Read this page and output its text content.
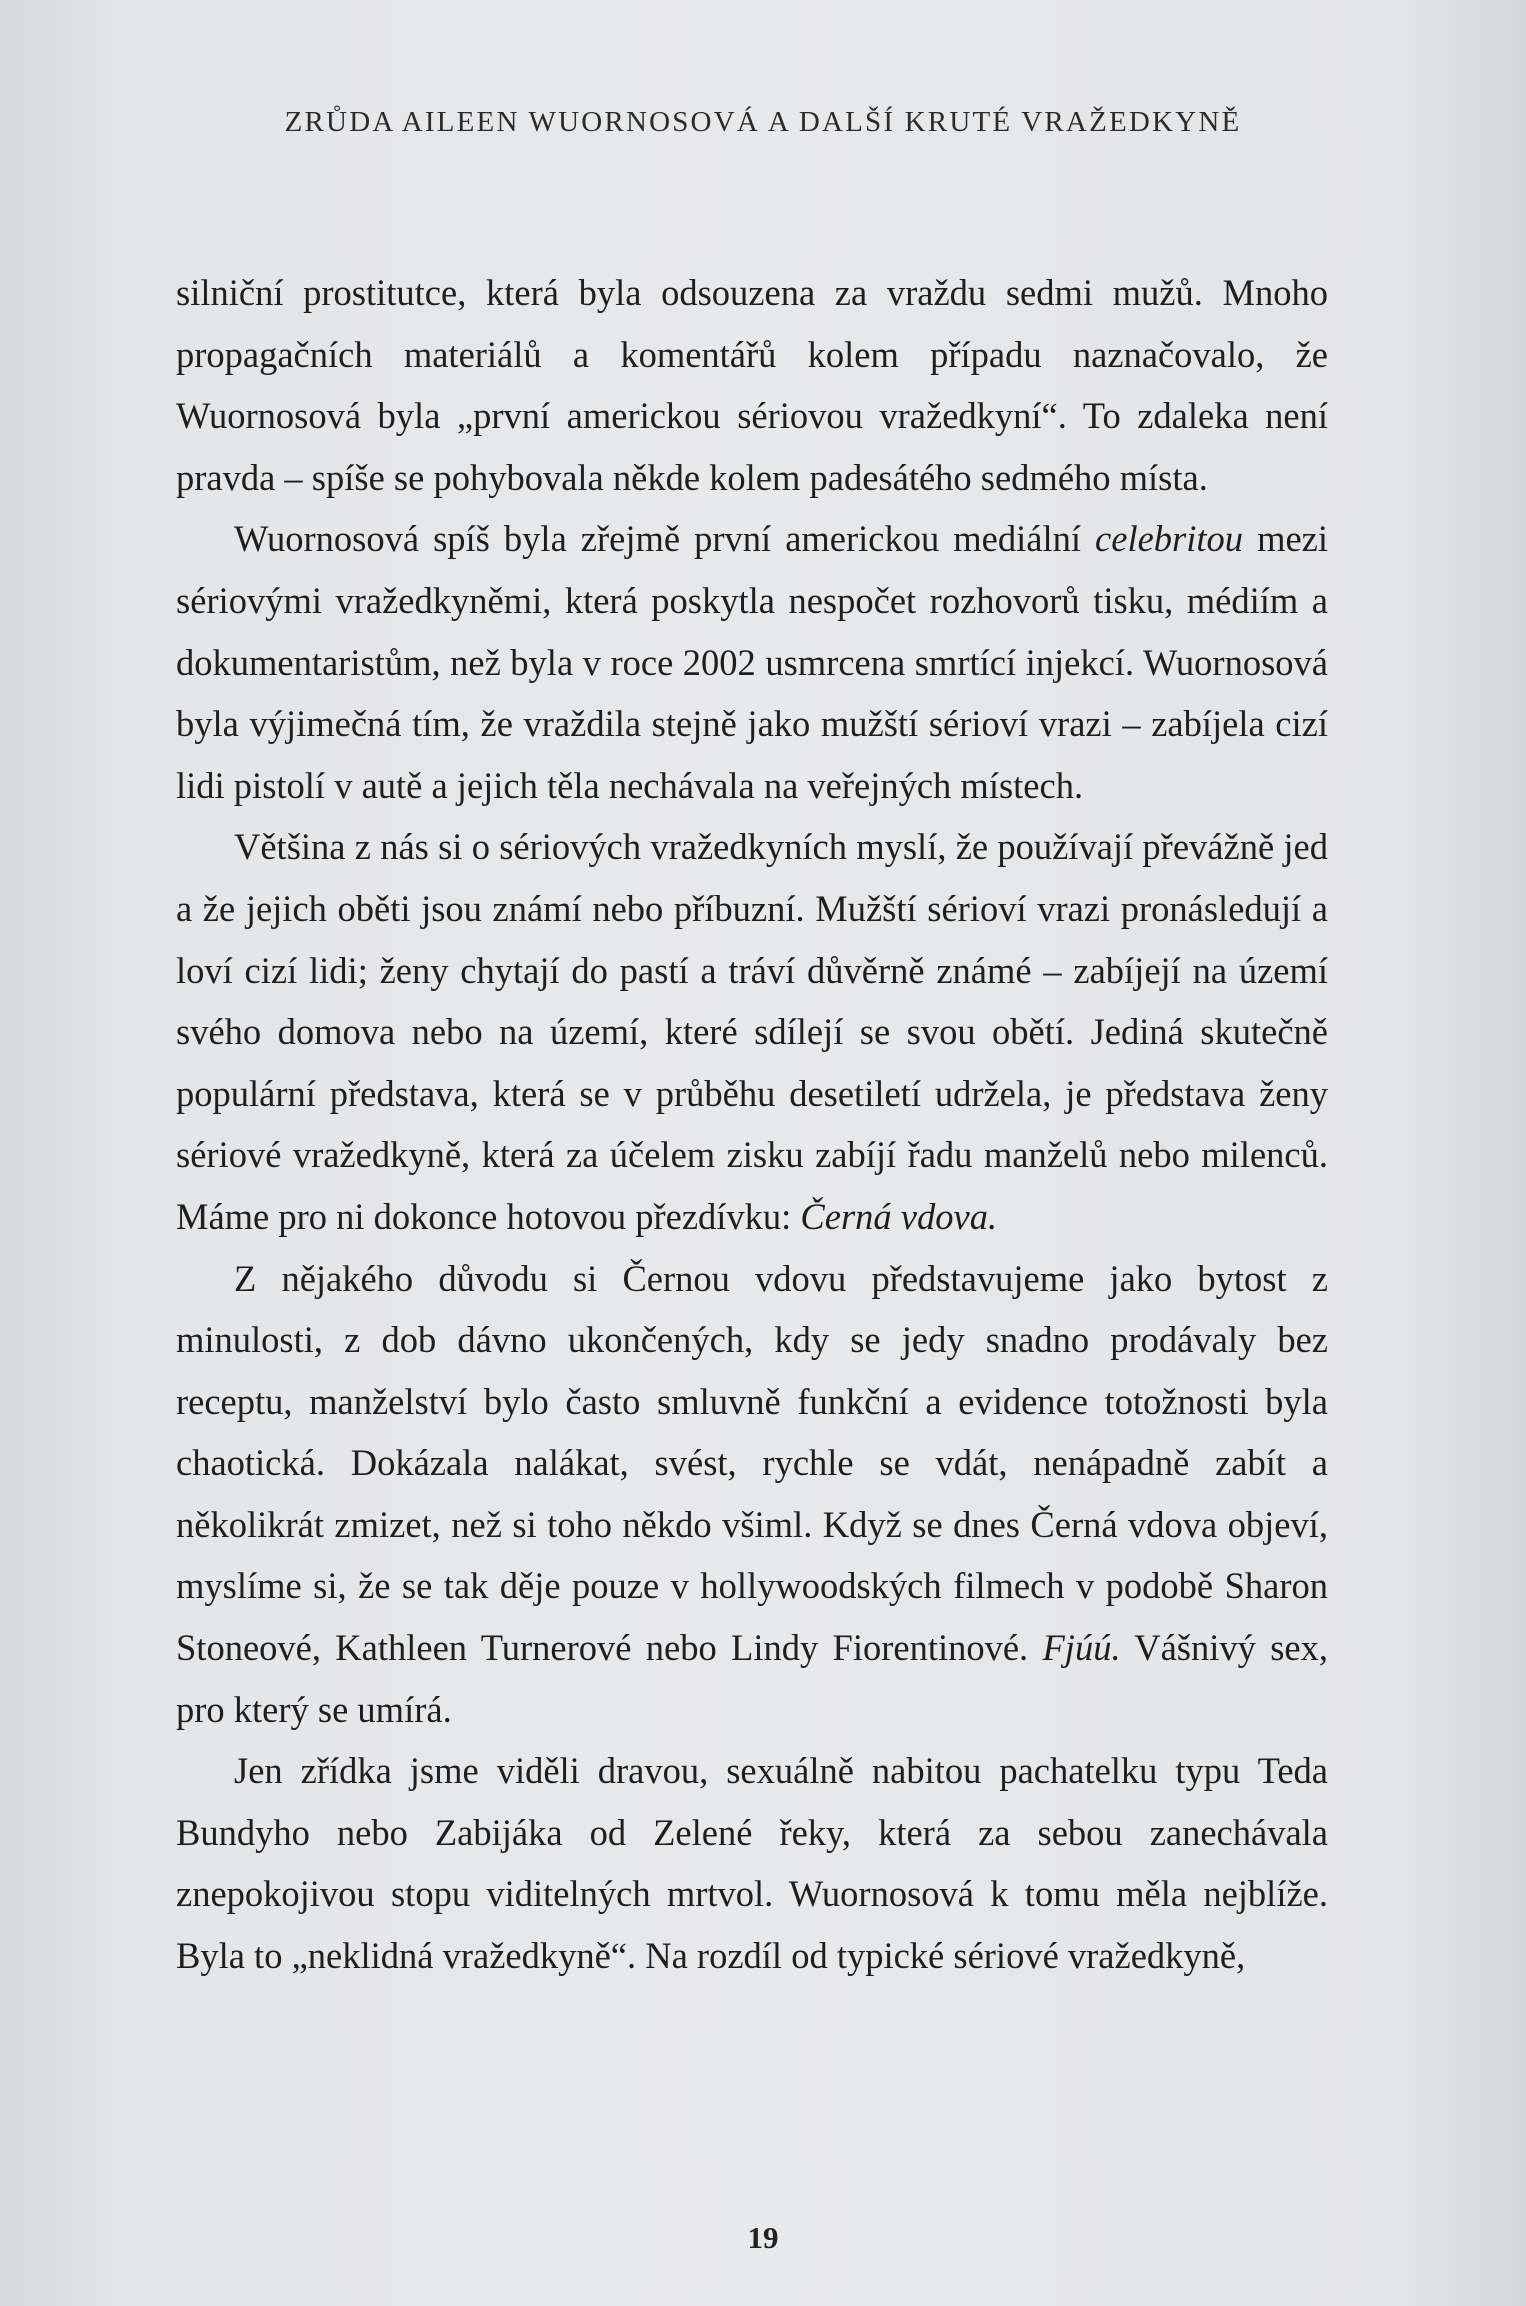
ZRŮDA AILEEN WUORNOSOVÁ A DALŠÍ KRUTÉ VRAŽEDKYNĚ

silniční prostitutce, která byla odsouzena za vraždu sedmi mužů. Mnoho propagačních materiálů a komentářů kolem případu naznačovalo, že Wuornosová byla „první americkou sériovou vražedkyní“. To zdaleka není pravda – spíše se pohybovala někde kolem padesátého sedmého místa.

Wuornosová spíš byla zřejmě první americkou mediální celebritou mezi sériovými vražedkyněmi, která poskytla nespočet rozhovorů tisku, médiím a dokumentaristům, než byla v roce 2002 usmrcena smrtící injekcí. Wuornosová byla výjimečná tím, že vraždila stejně jako mužští sérioví vrazi – zabíjela cizí lidi pistolí v autě a jejich těla nechávala na veřejných místech.

Většina z nás si o sériových vražedkyních myslí, že používají převážně jed a že jejich oběti jsou známí nebo příbuzní. Mužští sérioví vrazi pronásledují a loví cizí lidi; ženy chytají do pastí a tráví důvěrně známé – zabíjejí na území svého domova nebo na území, které sdílejí se svou obětí. Jediná skutečně populární představa, která se v průběhu desetiletí udržela, je představa ženy sériové vražedkyně, která za účelem zisku zabíjí řadu manželů nebo milenců. Máme pro ni dokonce hotovou přezdívku: Černá vdova.

Z nějakého důvodu si Černou vdovu představujeme jako bytost z minulosti, z dob dávno ukončených, kdy se jedy snadno prodávaly bez receptu, manželství bylo často smluvně funkční a evidence totožnosti byla chaotická. Dokázala nalákat, svést, rychle se vdát, nenápadně zabít a několikrát zmizet, než si toho někdo všiml. Když se dnes Černá vdova objeví, myslíme si, že se tak děje pouze v hollywoodských filmech v podobě Sharon Stoneové, Kathleen Turnerové nebo Lindy Fiorentinové. Fjúú. Vášnivý sex, pro který se umírá.

Jen zřídka jsme viděli dravou, sexuálně nabitou pachatelku typu Teda Bundyho nebo Zabijáka od Zelené řeky, která za sebou zanechávala znepokojivou stopu viditelných mrtvol. Wuornosová k tomu měla nejblíže. Byla to „neklidná vražedkyně“. Na rozdíl od typické sériové vražedkyně,

19
